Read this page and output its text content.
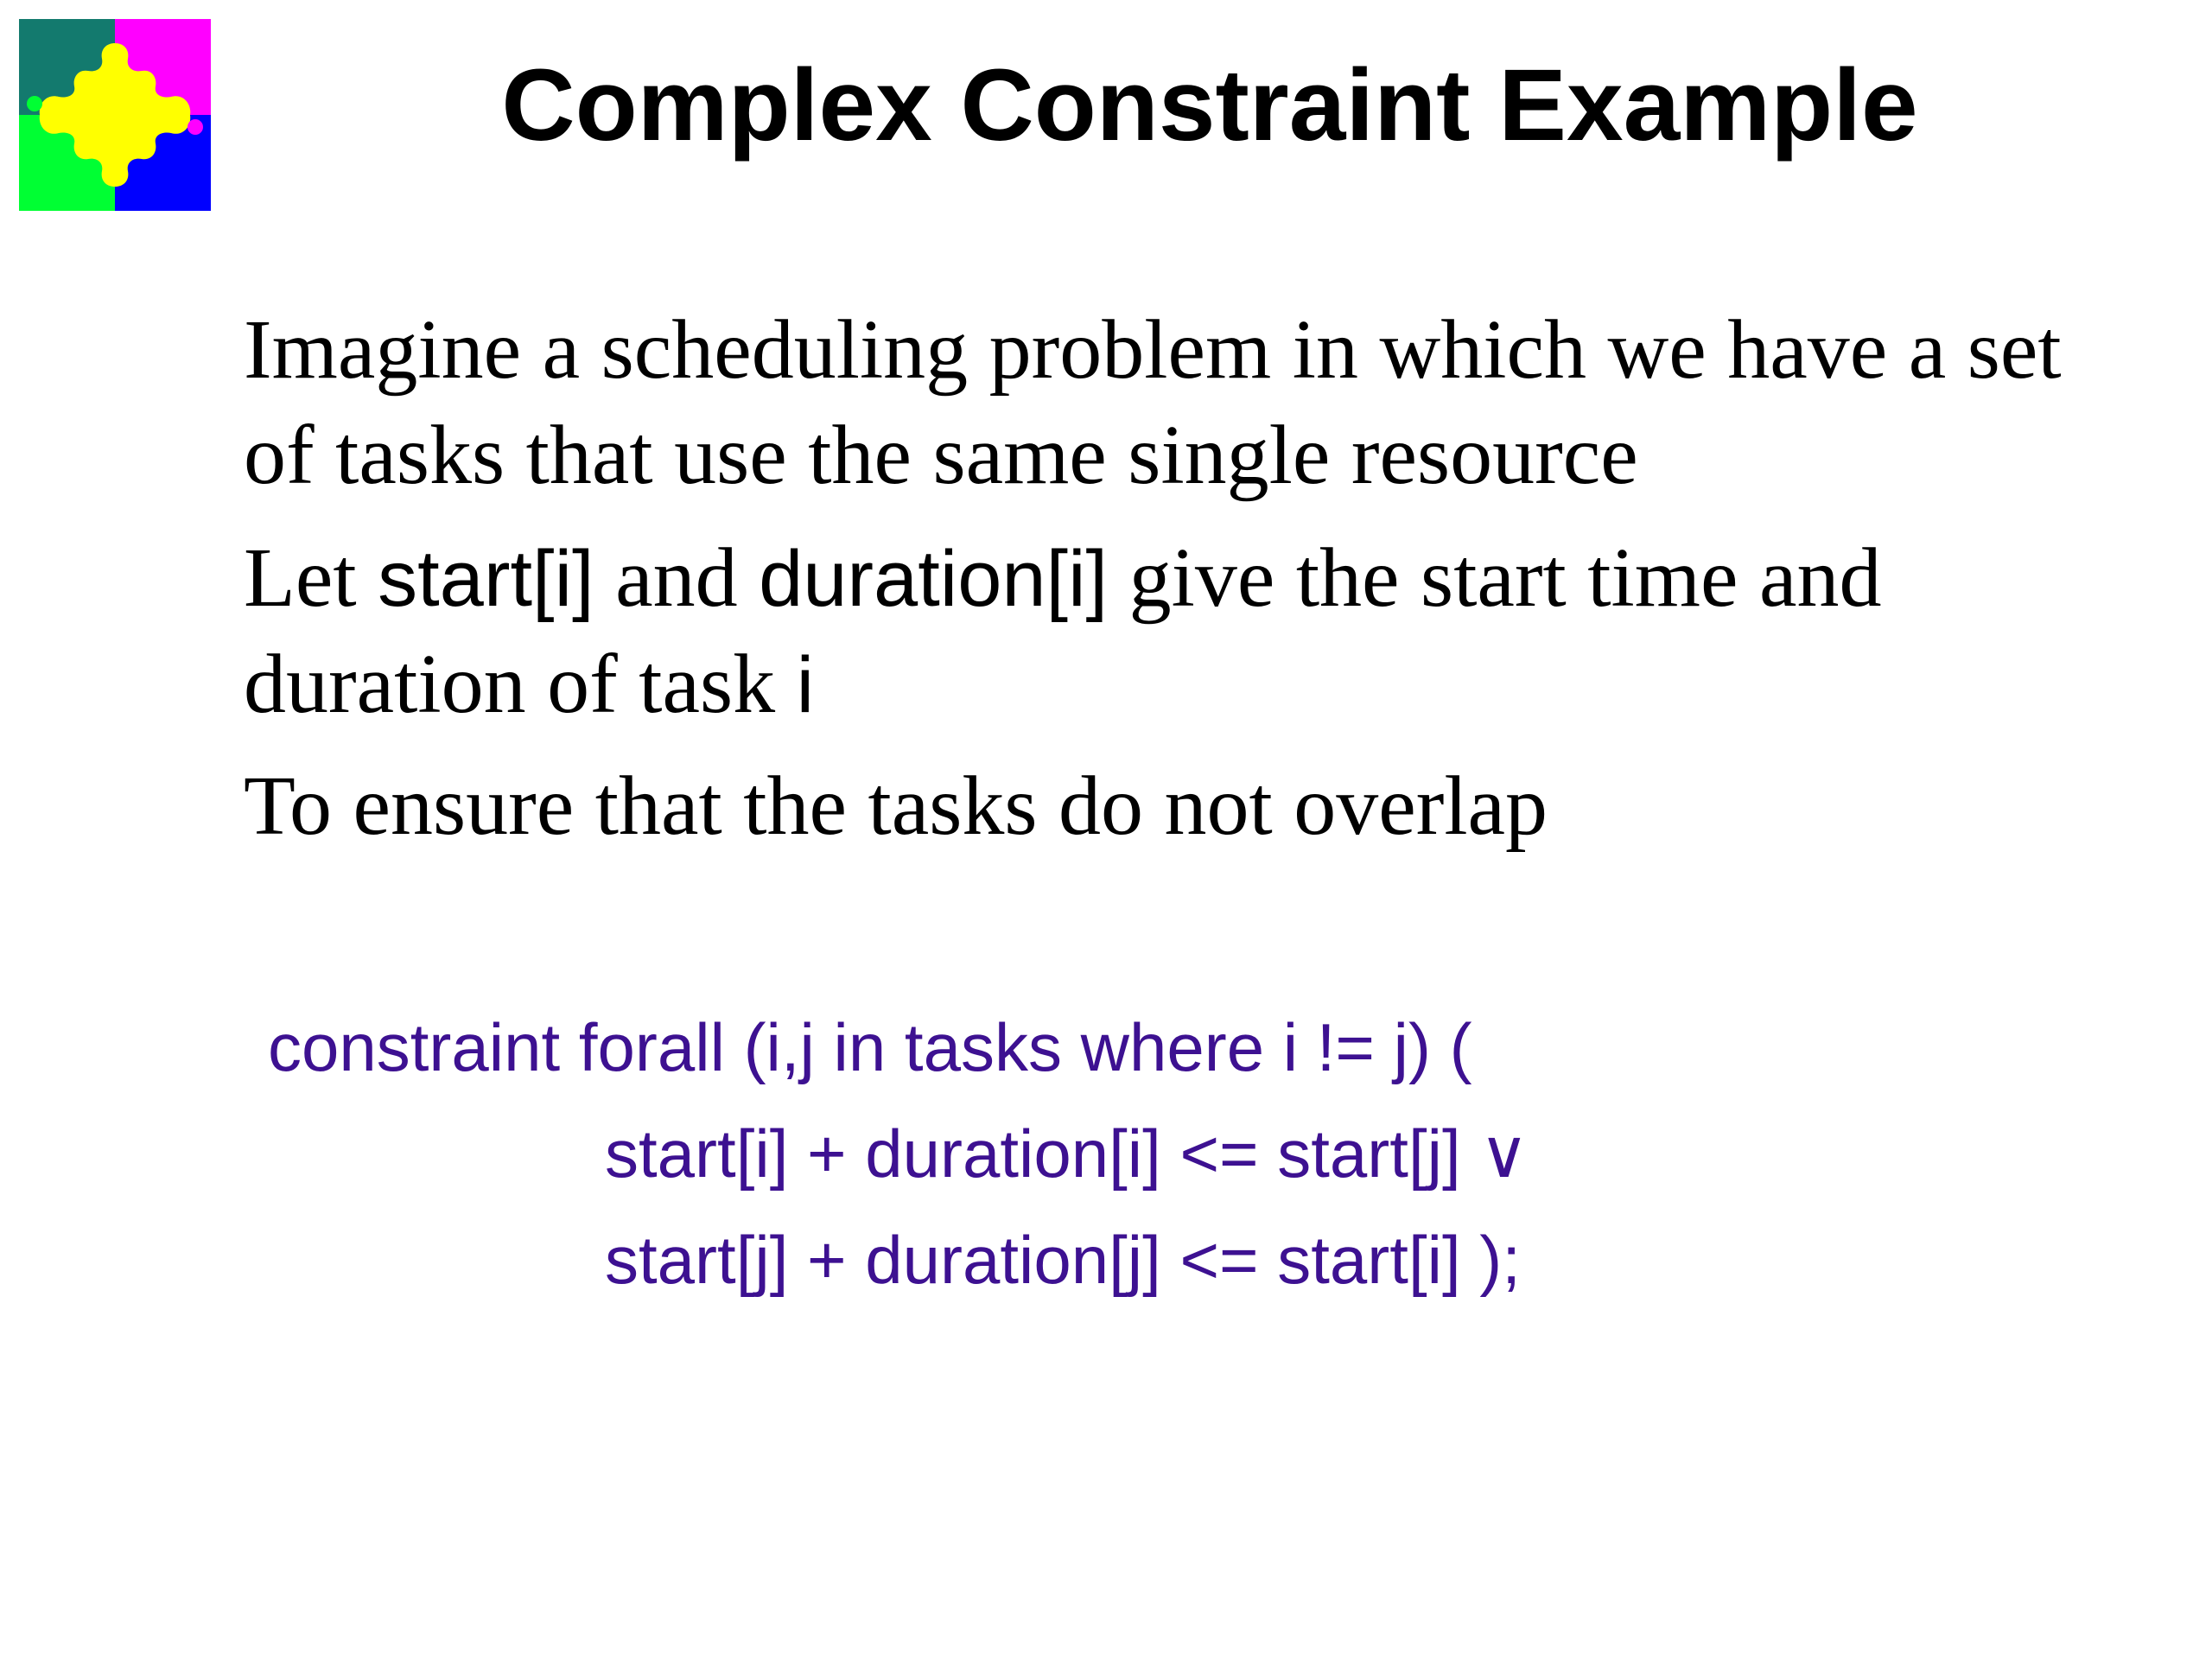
Complex Constraint Example
Imagine a scheduling problem in which we have a set of tasks that use the same single resource
Let start[i] and duration[i] give the start time and duration of task i
To ensure that the tasks do not overlap
constraint forall (i,j in tasks where i != j) (
start[i] + duration[i] <= start[j] ∨
start[j] + duration[j] <= start[i] );
